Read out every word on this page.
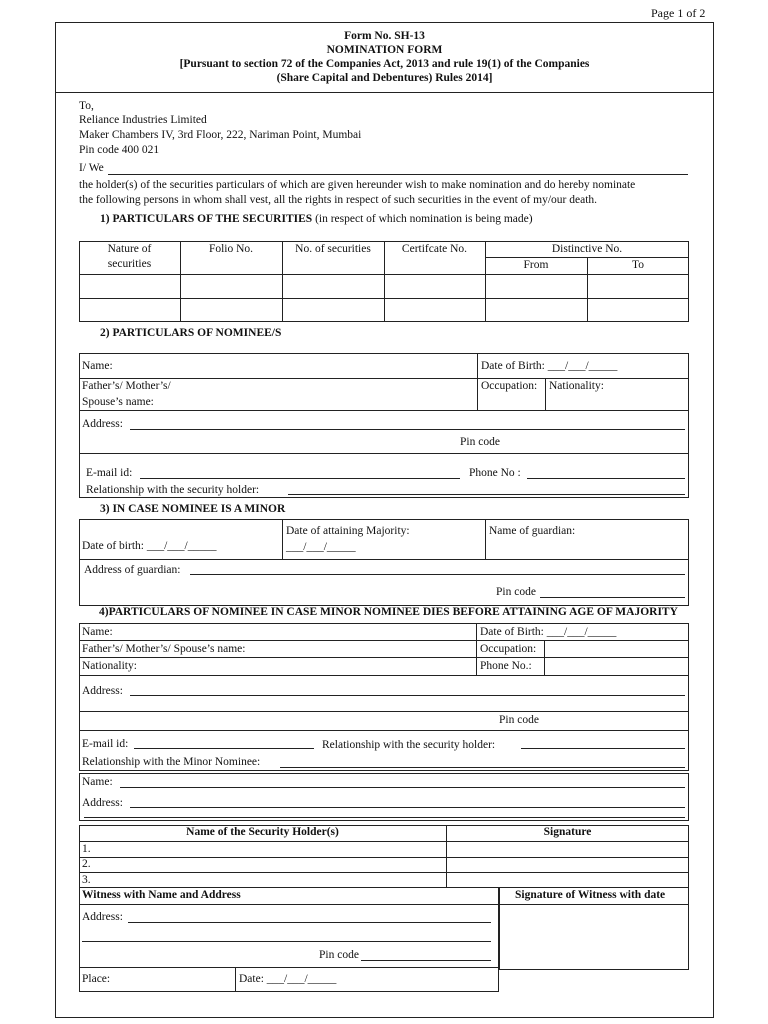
Page 1 of 2
Form No. SH-13
NOMINATION FORM
[Pursuant to section 72 of the Companies Act, 2013 and rule 19(1) of the Companies
(Share Capital and Debentures) Rules 2014]
To,
Reliance Industries Limited
Maker Chambers IV, 3rd Floor, 222, Nariman Point, Mumbai
Pin code 400 021
I/ We
the holder(s) of the securities particulars of which are given hereunder wish to make nomination and do hereby nominate
the following persons in whom shall vest, all the rights in respect of such securities in the event of my/our death.
1) PARTICULARS OF THE SECURITIES (in respect of which nomination is being made)
Nature of
securities
Folio No.	No. of securities	Certifcate No.	Distinctive No.
From	To
2) PARTICULARS OF NOMINEE/S
Name:	Date of Birth: ___/___/_____
Father’s/ Mother’s/
Spouse’s name:
Occupation: Nationality:
Address:
Pin code
E-mail id:	Phone No :
Relationship with the security holder:
3) IN CASE NOMINEE IS A MINOR
Date of birth: ___/___/_____
Date of attaining Majority:
___/___/_____
Name of guardian:
Address of guardian:
Pin code
4)PARTICULARS OF NOMINEE IN CASE MINOR NOMINEE DIES BEFORE ATTAINING AGE OF MAJORITY
Name:	Date of Birth: ___/___/_____
Father’s/ Mother’s/ Spouse’s name:	Occupation:
Nationality:	Phone No.:
Address:
Pin code
E-mail id:	Relationship with the security holder:
Relationship with the Minor Nominee:
Name:
Address:
Name of the Security Holder(s)	Signature
1.
2.
3.
Witness with Name and Address	Signature of Witness with date
Address:
Pin code
Place:	Date: ___/___/_____
